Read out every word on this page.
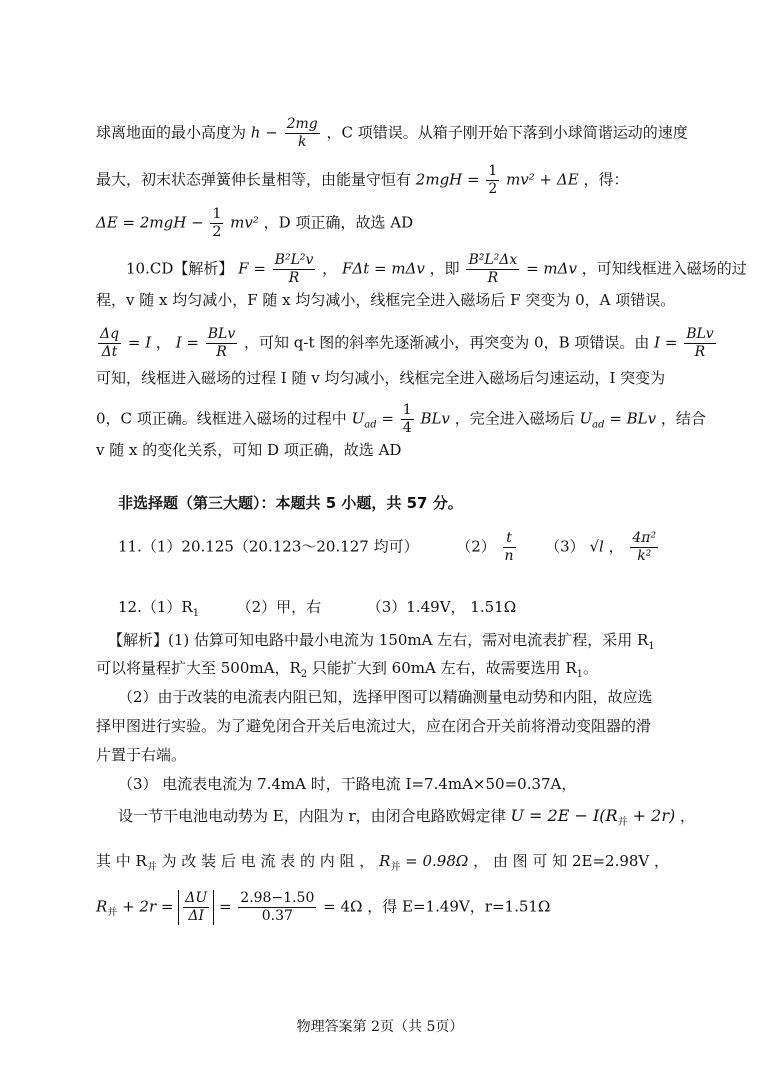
球离地面的最小高度为 $h - \frac{2mg}{k}$ ，C 项错误。从箱子刚开始下落到小球简谐运动的速度
最大，初末状态弹簧伸长量相等，由能量守恒有 $2mgH = \frac{1}{2} mv^2 + \Delta E$ ，得：
$\Delta E = 2mgH - \frac{1}{2} mv^2$ ，D 项正确，故选 AD
10.CD【解析】 $F = \frac{\text{B²L²v}}{R}$ ， FΔt = mΔv ，即 $\frac{\text{B²L²Δx}}{R} = m\Delta v$ ，可知线框进入磁场的过
程，v 随 x 均匀减小，F 随 x 均匀减小，线框完全进入磁场后 F 突变为 0，A 项错误。
$\frac{\Delta q}{\Delta t} = I$ ， $I = \frac{\text{BLv}}{R}$ ，可知 q-t 图的斜率先逐渐减小，再突变为 0，B 项错误。由 $I = \frac{\text{BLv}}{R}$
可知，线框进入磁场的过程 I 随 v 均匀减小，线框完全进入磁场后匀速运动，I 突变为
0，C 项正确。线框进入磁场的过程中 $U_{ad} = \frac{1}{4}$ BLv ，完全进入磁场后 $U_{ad}$ = BLv ，结合
v 随 x 的变化关系，可知 D 项正确，故选 AD
非选择题（第三大题）：本题共 5 小题，共 57 分。
11.（1）20.125（20.123～20.127 均可）	$(2) \frac{t}{n} (3)$ √l ， $\frac{\text{4π²}}{\text{k²}}$
$12.(1)R_1$	（2）甲，右	（3）1.49V， 1.51Ω
【解析】(1) 估算可知电路中最小电流为 150mA 左右，需对电流表扩程，采用 $R_1$
可以将量程扩大至 500mA，$R_2$ 只能扩大到 60mA 左右，故需要选用 $R_1$。
（2）由于改装的电流表内阻已知，选择甲图可以精确测量电动势和内阻，故应选
择甲图进行实验。为了避免闭合开关后电流过大，应在闭合开关前将滑动变阻器的滑
片置于右端。
（3） 电流表电流为 7.4mA 时，干路电流 I=7.4mA×50=0.37A，
设一节干电池电动势为 E，内阻为 r，由闭合电路欧姆定律 $U = 2E - I(R_并 + 2r)$ ，
其 中 $R_并$ 为 改 装 后 电 流 表 的 内 阻 ， $R_并 = 0.98\Omega$ ， 由 图 可 知 2E=2.98V ，
$R_并 + 2r = \frac{\Delta U}{\Delta I} = \frac{2.98-1.50}{0.37} = 4\Omega$ ，得 E=1.49V，r=1.51Ω
物理答案第 2页（共 5页）
